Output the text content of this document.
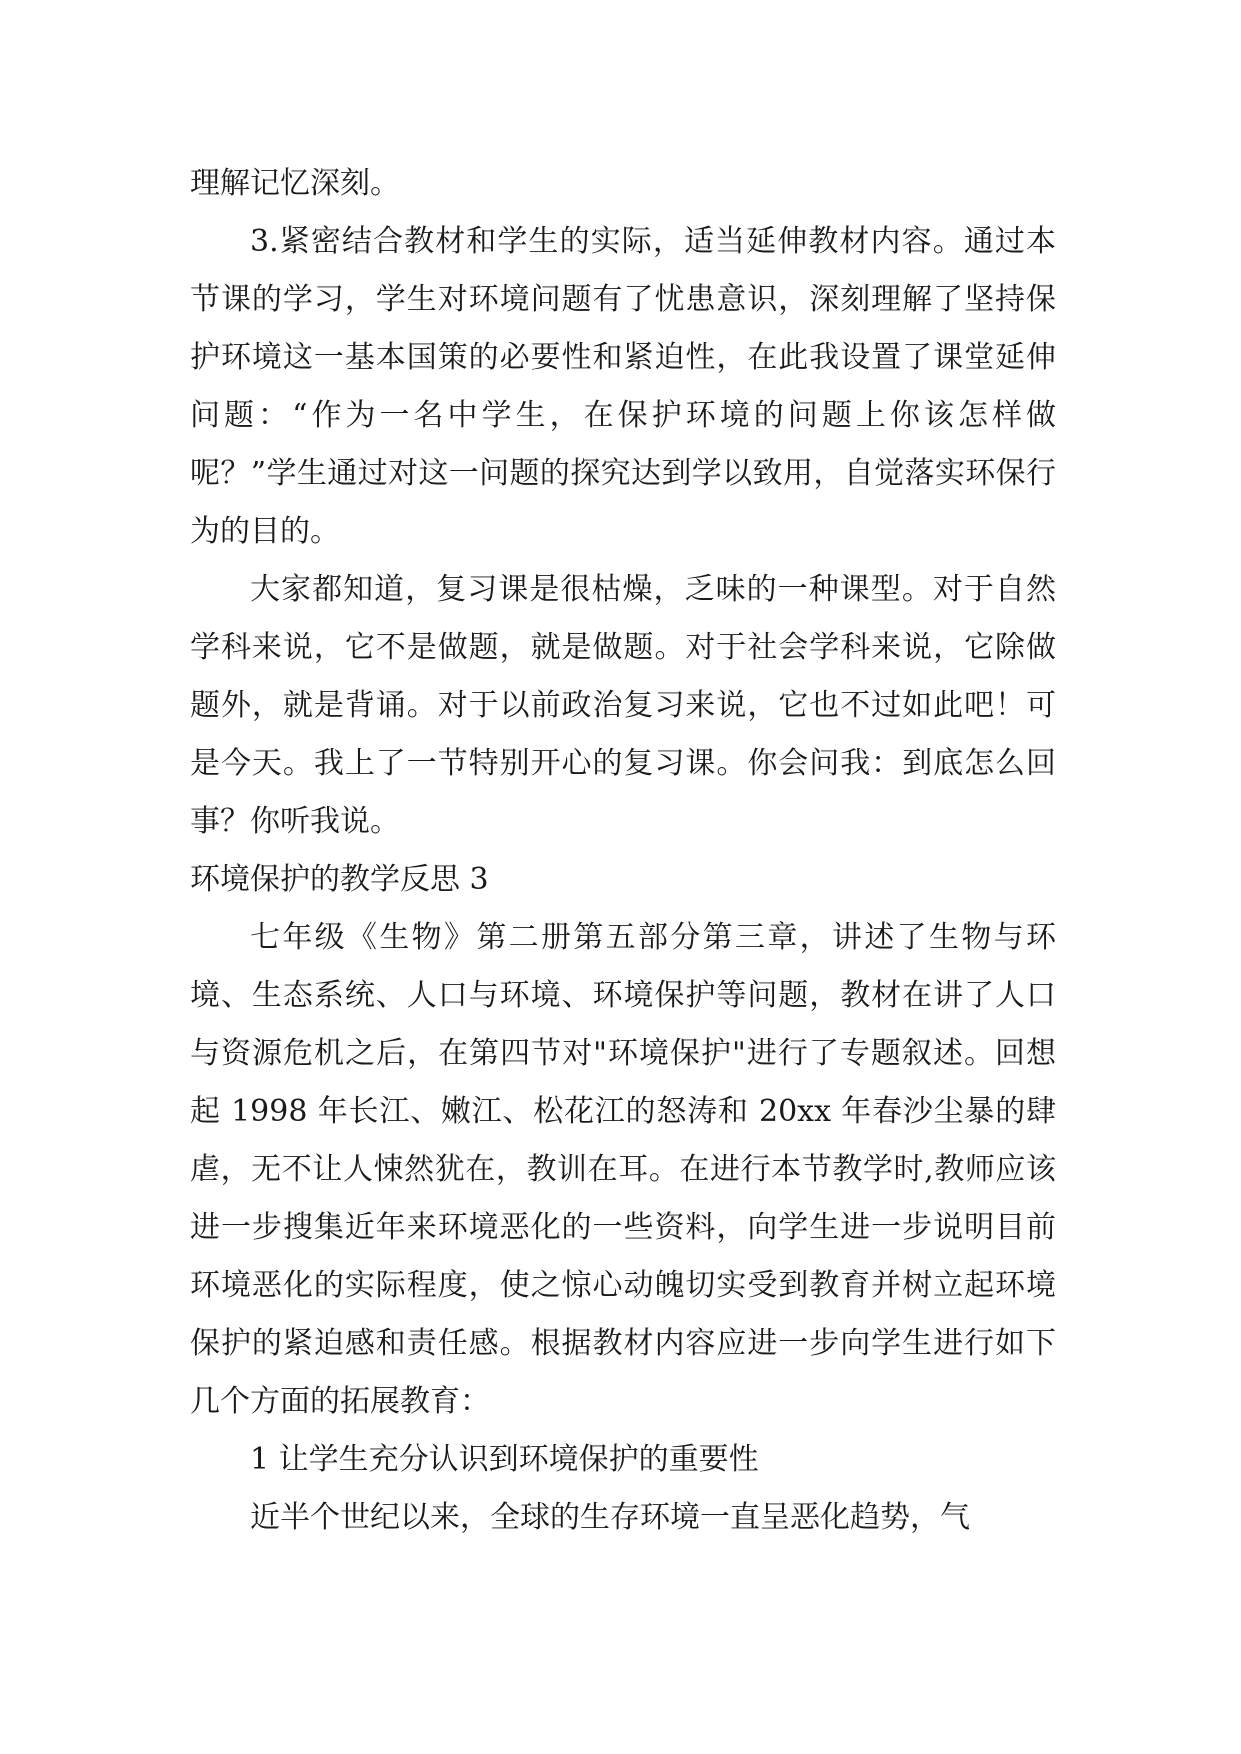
理解记忆深刻。

3.紧密结合教材和学生的实际，适当延伸教材内容。通过本节课的学习，学生对环境问题有了忧患意识，深刻理解了坚持保护环境这一基本国策的必要性和紧迫性，在此我设置了课堂延伸问题：“作为一名中学生，在保护环境的问题上你该怎样做呢？”学生通过对这一问题的探究达到学以致用，自觉落实环保行为的目的。

大家都知道，复习课是很枯燥，乏味的一种课型。对于自然学科来说，它不是做题，就是做题。对于社会学科来说，它除做题外，就是背诵。对于以前政治复习来说，它也不过如此吧！可是今天。我上了一节特别开心的复习课。你会问我：到底怎么回事？你听我说。

环境保护的教学反思 3

七年级《生物》第二册第五部分第三章，讲述了生物与环境、生态系统、人口与环境、环境保护等问题，教材在讲了人口与资源危机之后，在第四节对"环境保护"进行了专题叙述。回想起 1998 年长江、嫩江、松花江的怒涛和 20xx 年春沙尘暴的肆虐，无不让人悚然犹在，教训在耳。在进行本节教学时,教师应该进一步搜集近年来环境恶化的一些资料，向学生进一步说明目前环境恶化的实际程度，使之惊心动魄切实受到教育并树立起环境保护的紧迫感和责任感。根据教材内容应进一步向学生进行如下几个方面的拓展教育：

1 让学生充分认识到环境保护的重要性

近半个世纪以来，全球的生存环境一直呈恶化趋势，气
